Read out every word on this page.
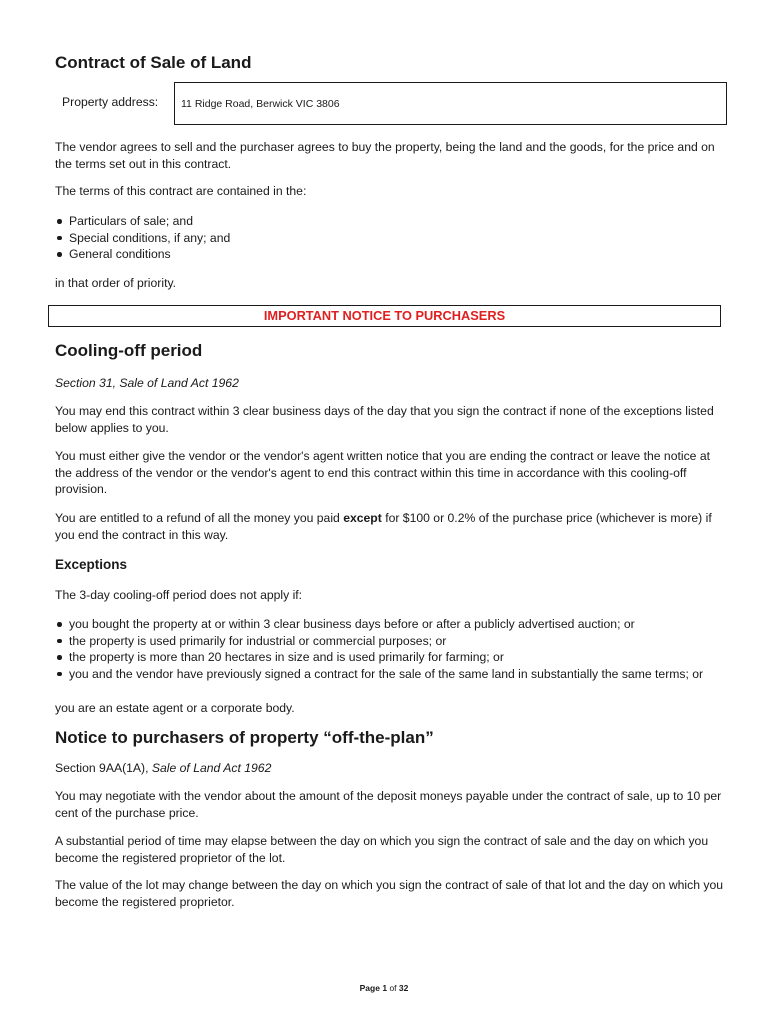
Contract of Sale of Land
Property address: 11 Ridge Road, Berwick VIC 3806

The vendor agrees to sell and the purchaser agrees to buy the property, being the land and the goods, for the price and on the terms set out in this contract.

The terms of this contract are contained in the:

Particulars of sale; and
Special conditions, if any; and
General conditions

in that order of priority.

IMPORTANT NOTICE TO PURCHASERS
Cooling-off period

Section 31, Sale of Land Act 1962

You may end this contract within 3 clear business days of the day that you sign the contract if none of the exceptions listed below applies to you.

You must either give the vendor or the vendor's agent written notice that you are ending the contract or leave the notice at the address of the vendor or the vendor's agent to end this contract within this time in accordance with this cooling-off provision.

You are entitled to a refund of all the money you paid except for $100 or 0.2% of the purchase price (whichever is more) if you end the contract in this way.

Exceptions

The 3-day cooling-off period does not apply if:

you bought the property at or within 3 clear business days before or after a publicly advertised auction; or
the property is used primarily for industrial or commercial purposes; or
the property is more than 20 hectares in size and is used primarily for farming; or
you and the vendor have previously signed a contract for the sale of the same land in substantially the same terms; or

you are an estate agent or a corporate body.

Notice to purchasers of property “off-the-plan”

Section 9AA(1A), Sale of Land Act 1962

You may negotiate with the vendor about the amount of the deposit moneys payable under the contract of sale, up to 10 per cent of the purchase price.

A substantial period of time may elapse between the day on which you sign the contract of sale and the day on which you become the registered proprietor of the lot.

The value of the lot may change between the day on which you sign the contract of sale of that lot and the day on which you become the registered proprietor.

Page 1 of 32
